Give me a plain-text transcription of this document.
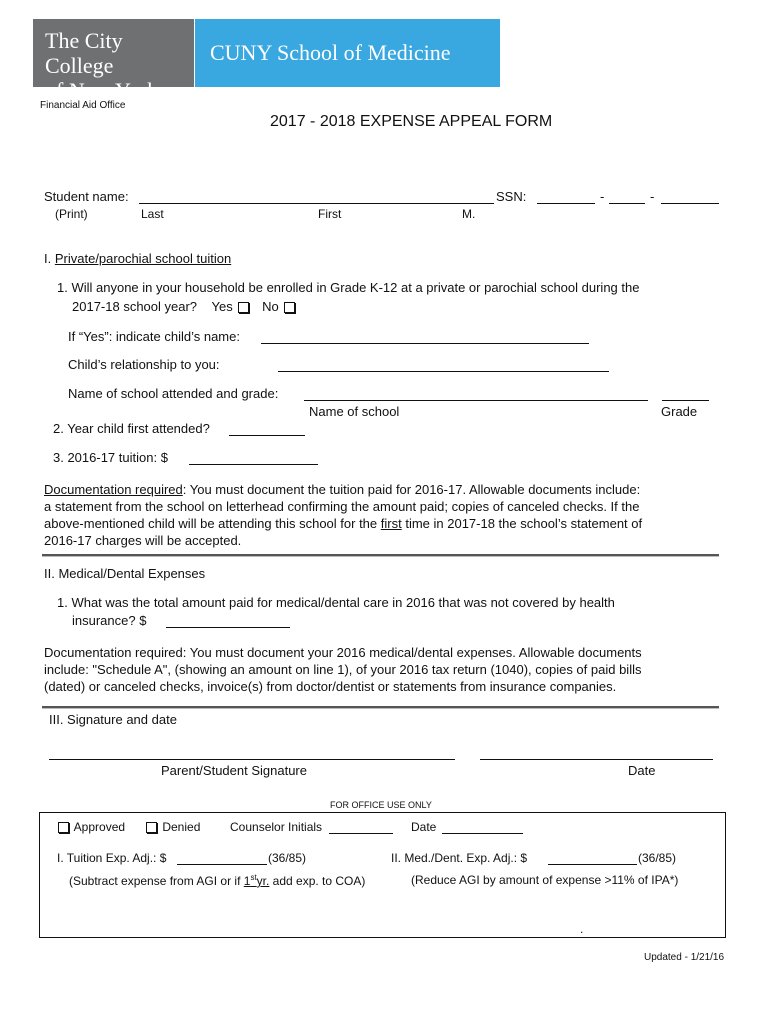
The City College
of New York
CUNY School of Medicine
Financial Aid Office
2017 - 2018 EXPENSE APPEAL FORM
Student name:	SSN:	-	-
(Print)	Last	First	M.
I. Private/parochial school tuition
1. Will anyone in your household be enrolled in Grade K-12 at a private or parochial school during the
2017-18 school year? Yes No
If “Yes”: indicate child’s name:
Child’s relationship to you:
Name of school attended and grade:
Name of school	Grade
2. Year child first attended?
3. 2016-17 tuition: $
Documentation required: You must document the tuition paid for 2016-17. Allowable documents include:
a statement from the school on letterhead confirming the amount paid; copies of canceled checks. If the
above-mentioned child will be attending this school for the first time in 2017-18 the school’s statement of
2016-17 charges will be accepted.
II. Medical/Dental Expenses
1. What was the total amount paid for medical/dental care in 2016 that was not covered by health
insurance? $
Documentation required: You must document your 2016 medical/dental expenses. Allowable documents
include: "Schedule A", (showing an amount on line 1), of your 2016 tax return (1040), copies of paid bills
(dated) or canceled checks, invoice(s) from doctor/dentist or statements from insurance companies.
III. Signature and date
Parent/Student Signature	Date
FOR OFFICE USE ONLY
Approved	Denied Counselor Initials	Date
I. Tuition Exp. Adj.: $	(36/85)	II. Med./Dent. Exp. Adj.: $	(36/85)
(Subtract expense from AGI or if 1styr. add exp. to COA)	(Reduce AGI by amount of expense >11% of IPA*)
.
Updated - 1/21/16
